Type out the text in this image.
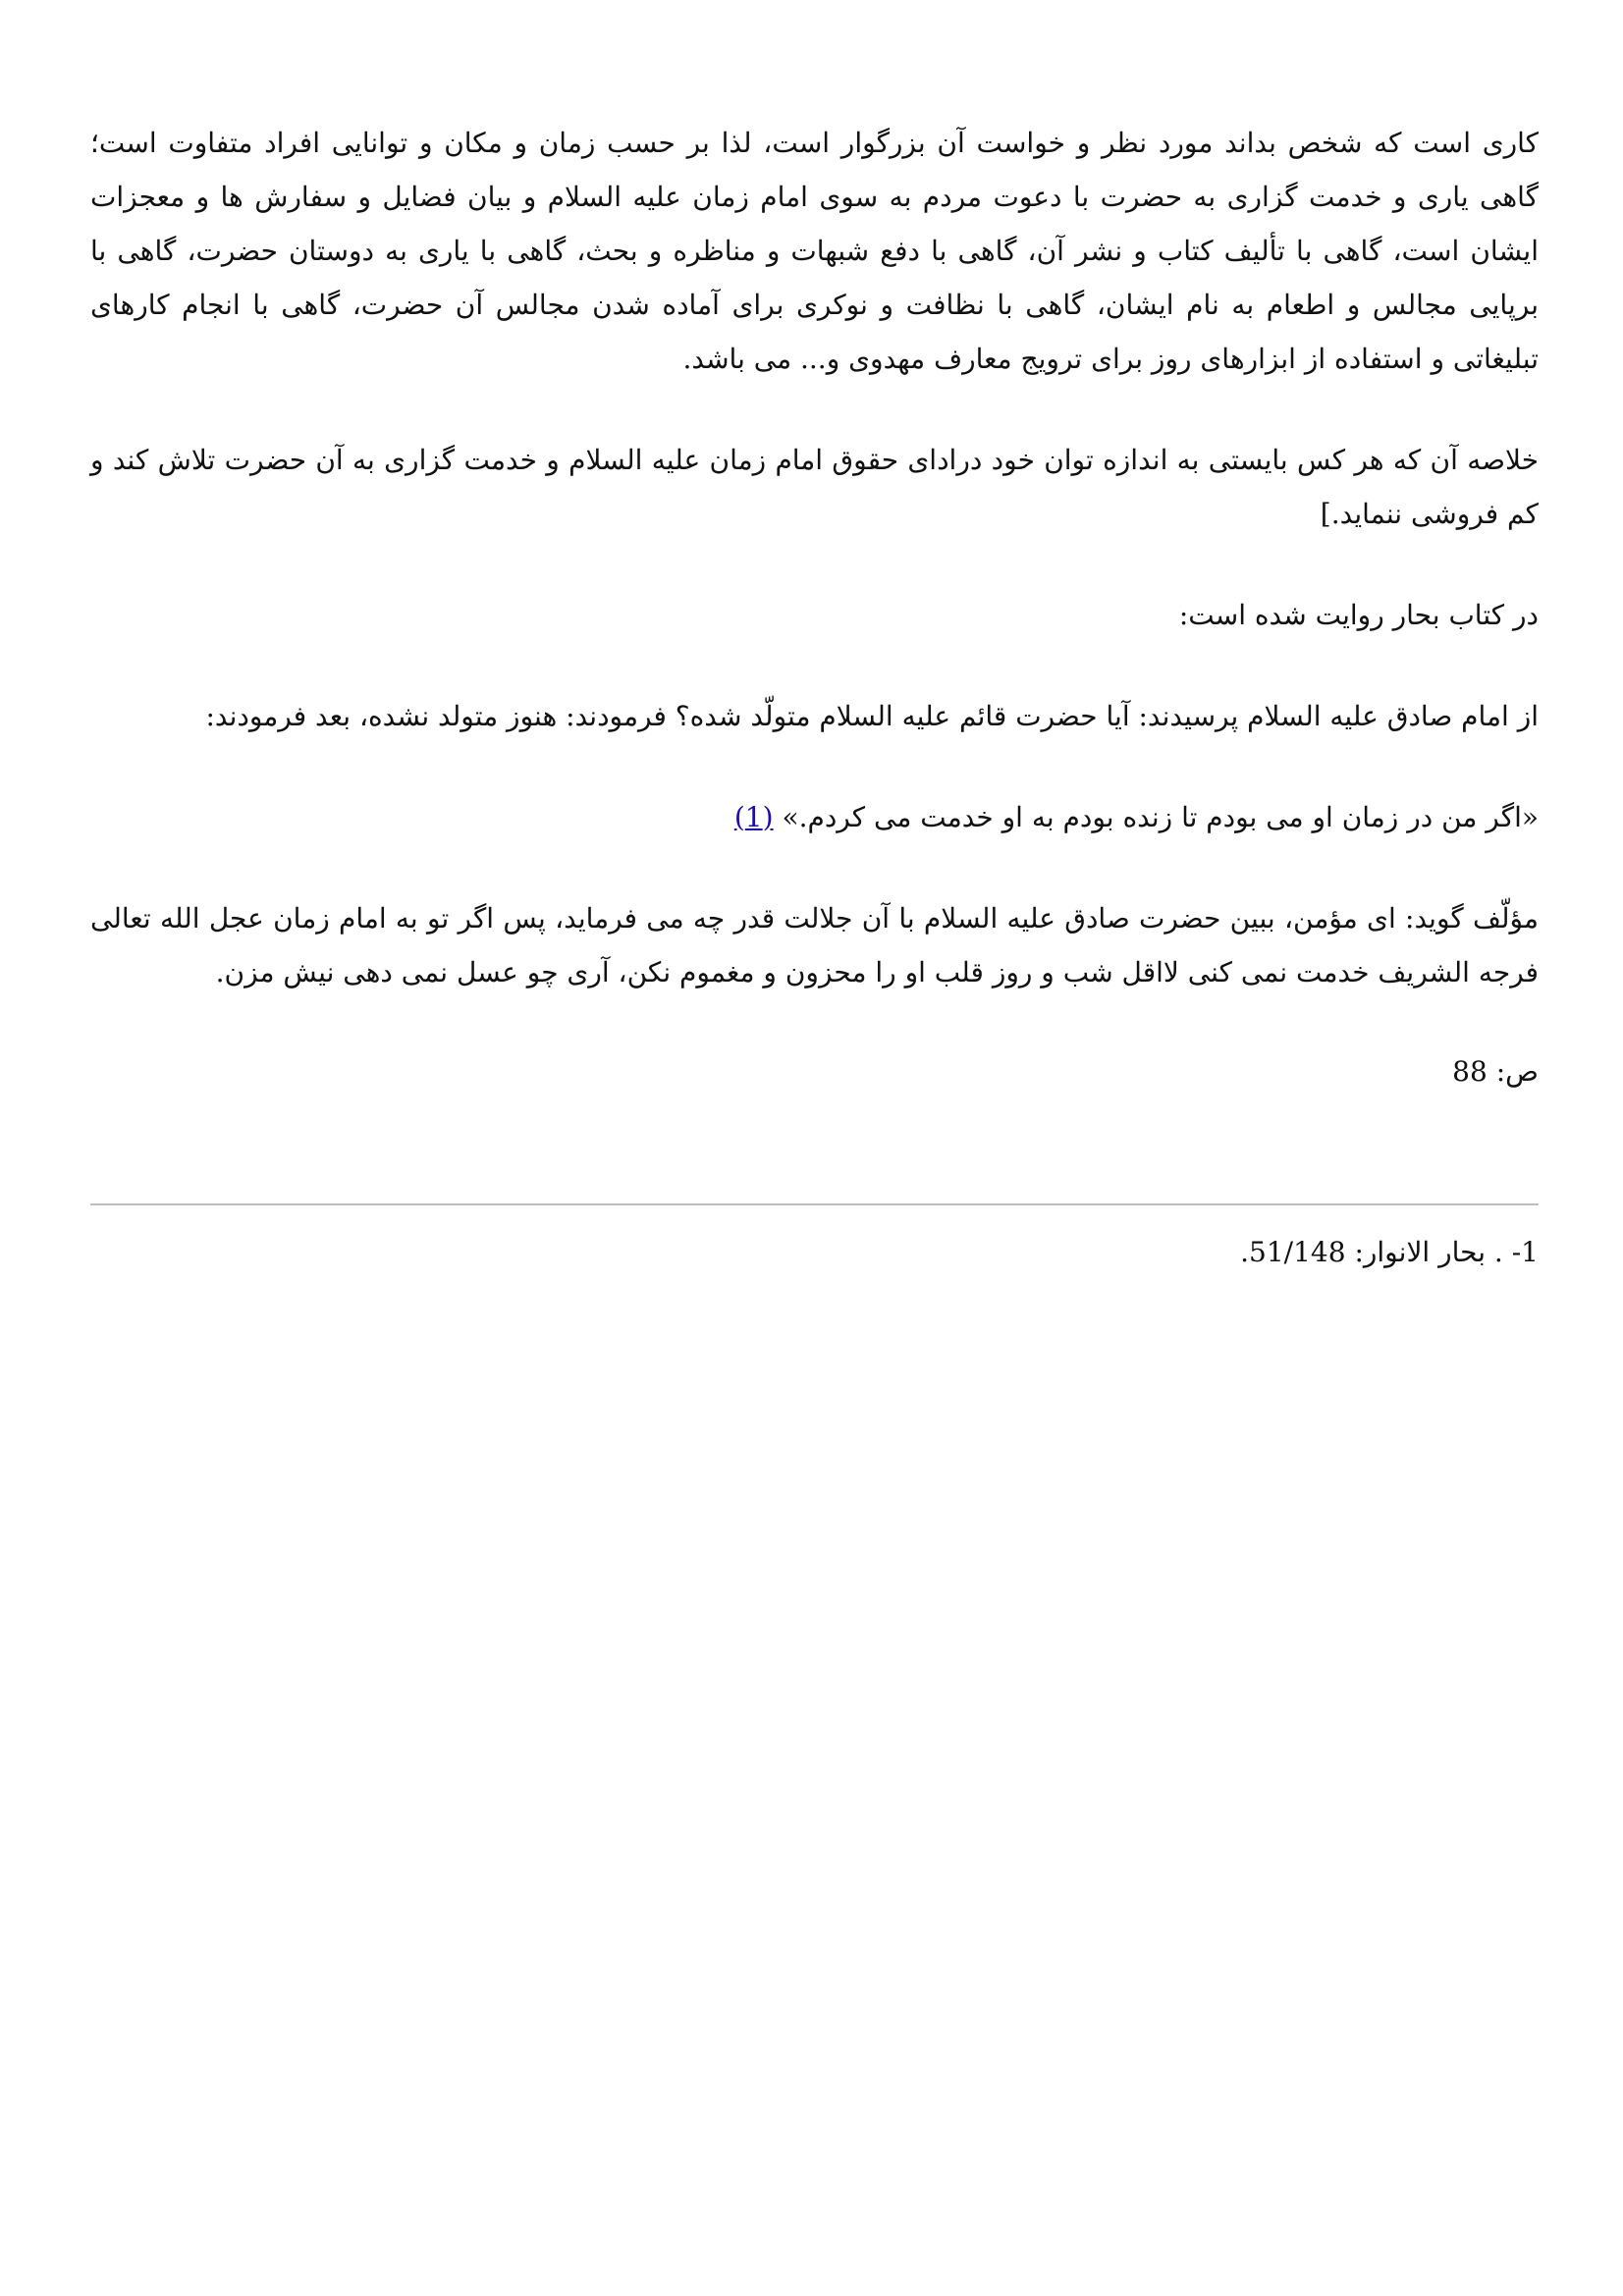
کاری است که شخص بداند مورد نظر و خواست آن بزرگوار است، لذا بر حسب زمان و مکان و توانایی افراد متفاوت است؛ گاهی یاری و خدمت گزاری به حضرت با دعوت مردم به سوی امام زمان علیه السلام و بیان فضایل و سفارش ها و معجزات ایشان است، گاهی با تألیف کتاب و نشر آن، گاهی با دفع شبهات و مناظره و بحث، گاهی با یاری به دوستان حضرت، گاهی با برپایی مجالس و اطعام به نام ایشان، گاهی با نظافت و نوکری برای آماده شدن مجالس آن حضرت، گاهی با انجام کارهای تبلیغاتی و استفاده از ابزارهای روز برای ترویج معارف مهدوی و... می باشد.

خلاصه آن که هر کس بایستی به اندازه توان خود درادای حقوق امام زمان علیه السلام و خدمت گزاری به آن حضرت تلاش کند و کم فروشی ننماید.]

در کتاب بحار روایت شده است:

از امام صادق علیه السلام پرسیدند: آیا حضرت قائم علیه السلام متولّد شده؟ فرمودند: هنوز متولد نشده، بعد فرمودند:

«اگر من در زمان او می بودم تا زنده بودم به او خدمت می کردم.» (1)

مؤلّف گوید: ای مؤمن، ببین حضرت صادق علیه السلام با آن جلالت قدر چه می فرماید، پس اگر تو به امام زمان عجل الله تعالی فرجه الشریف خدمت نمی کنی لااقل شب و روز قلب او را محزون و مغموم نکن، آری چو عسل نمی دهی نیش مزن.

ص: 88

1- . بحار الانوار: 51/148.
